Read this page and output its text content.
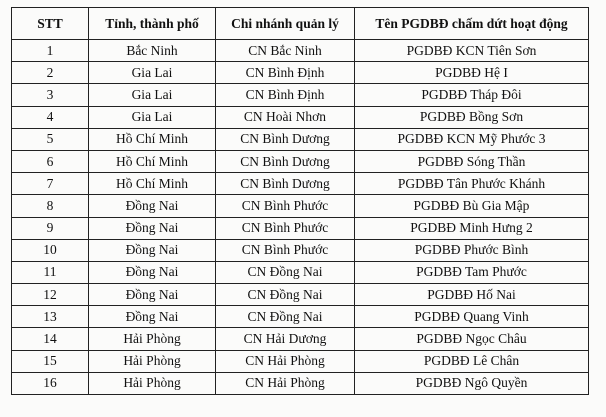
STT	Tỉnh, thành phố	Chi nhánh quản lý	Tên PGDBĐ chấm dứt hoạt động
1	Bắc Ninh	CN Bắc Ninh	PGDBĐ KCN Tiên Sơn
2	Gia Lai	CN Bình Định	PGDBĐ Hệ I
3	Gia Lai	CN Bình Định	PGDBĐ Tháp Đôi
4	Gia Lai	CN Hoài Nhơn	PGDBĐ Bồng Sơn
5	Hồ Chí Minh	CN Bình Dương	PGDBĐ KCN Mỹ Phước 3
6	Hồ Chí Minh	CN Bình Dương	PGDBĐ Sóng Thần
7	Hồ Chí Minh	CN Bình Dương	PGDBĐ Tân Phước Khánh
8	Đồng Nai	CN Bình Phước	PGDBĐ Bù Gia Mập
9	Đồng Nai	CN Bình Phước	PGDBĐ Minh Hưng 2
10	Đồng Nai	CN Bình Phước	PGDBĐ Phước Bình
11	Đồng Nai	CN Đồng Nai	PGDBĐ Tam Phước
12	Đồng Nai	CN Đồng Nai	PGDBĐ Hố Nai
13	Đồng Nai	CN Đồng Nai	PGDBĐ Quang Vinh
14	Hải Phòng	CN Hải Dương	PGDBĐ Ngọc Châu
15	Hải Phòng	CN Hải Phòng	PGDBĐ Lê Chân
16	Hải Phòng	CN Hải Phòng	PGDBĐ Ngô Quyền
